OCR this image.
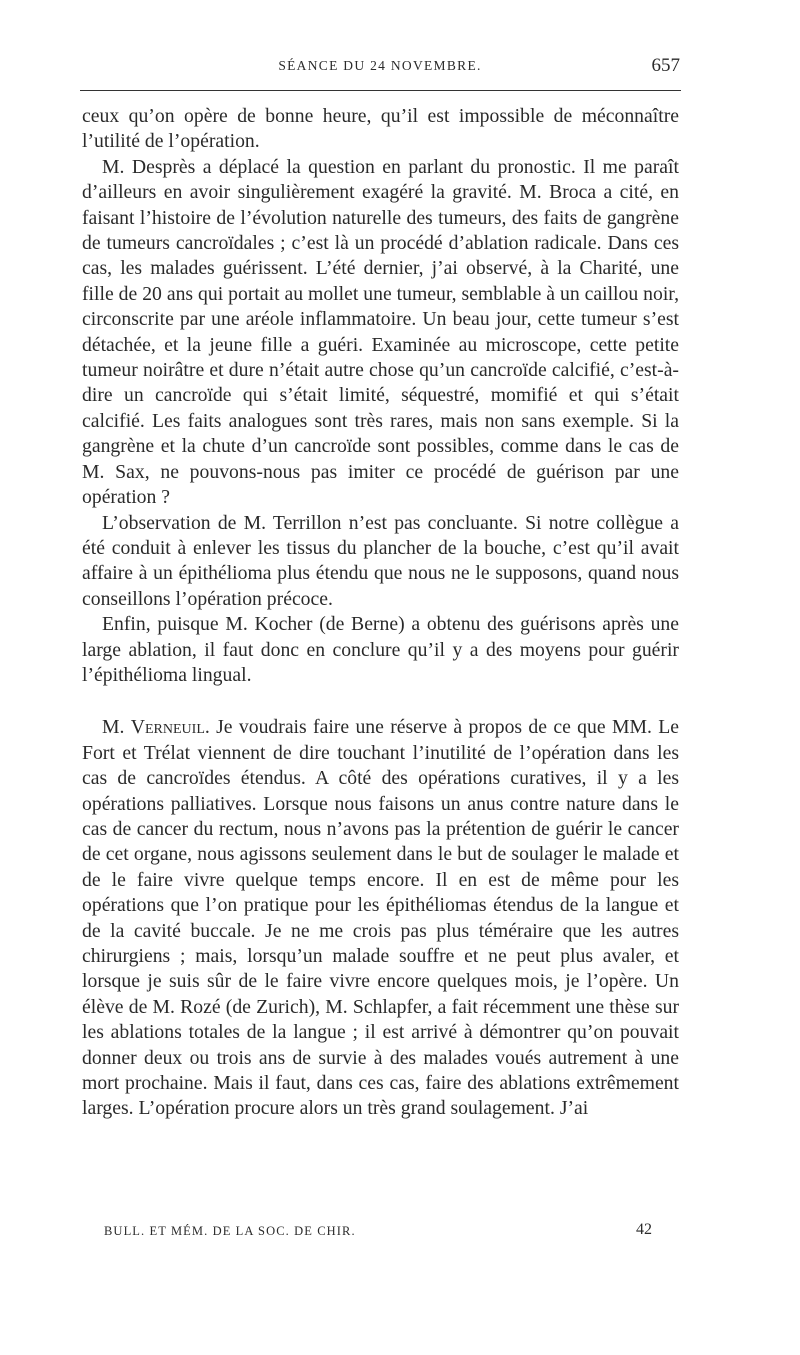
SÉANCE DU 24 NOVEMBRE.	657

ceux qu’on opère de bonne heure, qu’il est impossible de méconnaître l’utilité de l’opération.

M. Desprès a déplacé la question en parlant du pronostic. Il me paraît d’ailleurs en avoir singulièrement exagéré la gravité. M. Broca a cité, en faisant l’histoire de l’évolution naturelle des tumeurs, des faits de gangrène de tumeurs cancroïdales ; c’est là un procédé d’ablation radicale. Dans ces cas, les malades guérissent. L’été dernier, j’ai observé, à la Charité, une fille de 20 ans qui portait au mollet une tumeur, semblable à un caillou noir, circonscrite par une aréole inflammatoire. Un beau jour, cette tumeur s’est détachée, et la jeune fille a guéri. Examinée au microscope, cette petite tumeur noirâtre et dure n’était autre chose qu’un cancroïde calcifié, c’est-à-dire un cancroïde qui s’était limité, séquestré, momifié et qui s’était calcifié. Les faits analogues sont très rares, mais non sans exemple. Si la gangrène et la chute d’un cancroïde sont possibles, comme dans le cas de M. Sax, ne pouvons-nous pas imiter ce procédé de guérison par une opération ?

L’observation de M. Terrillon n’est pas concluante. Si notre collègue a été conduit à enlever les tissus du plancher de la bouche, c’est qu’il avait affaire à un épithélioma plus étendu que nous ne le supposons, quand nous conseillons l’opération précoce.

Enfin, puisque M. Kocher (de Berne) a obtenu des guérisons après une large ablation, il faut donc en conclure qu’il y a des moyens pour guérir l’épithélioma lingual.

M. Verneuil. Je voudrais faire une réserve à propos de ce que MM. Le Fort et Trélat viennent de dire touchant l’inutilité de l’opération dans les cas de cancroïdes étendus. A côté des opérations curatives, il y a les opérations palliatives. Lorsque nous faisons un anus contre nature dans le cas de cancer du rectum, nous n’avons pas la prétention de guérir le cancer de cet organe, nous agissons seulement dans le but de soulager le malade et de le faire vivre quelque temps encore. Il en est de même pour les opérations que l’on pratique pour les épithéliomas étendus de la langue et de la cavité buccale. Je ne me crois pas plus téméraire que les autres chirurgiens ; mais, lorsqu’un malade souffre et ne peut plus avaler, et lorsque je suis sûr de le faire vivre encore quelques mois, je l’opère. Un élève de M. Rozé (de Zurich), M. Schlapfer, a fait récemment une thèse sur les ablations totales de la langue ; il est arrivé à démontrer qu’on pouvait donner deux ou trois ans de survie à des malades voués autrement à une mort prochaine. Mais il faut, dans ces cas, faire des ablations extrêmement larges. L’opération procure alors un très grand soulagement. J’ai

BULL. ET MÉM. DE LA SOC. DE CHIR.	42
